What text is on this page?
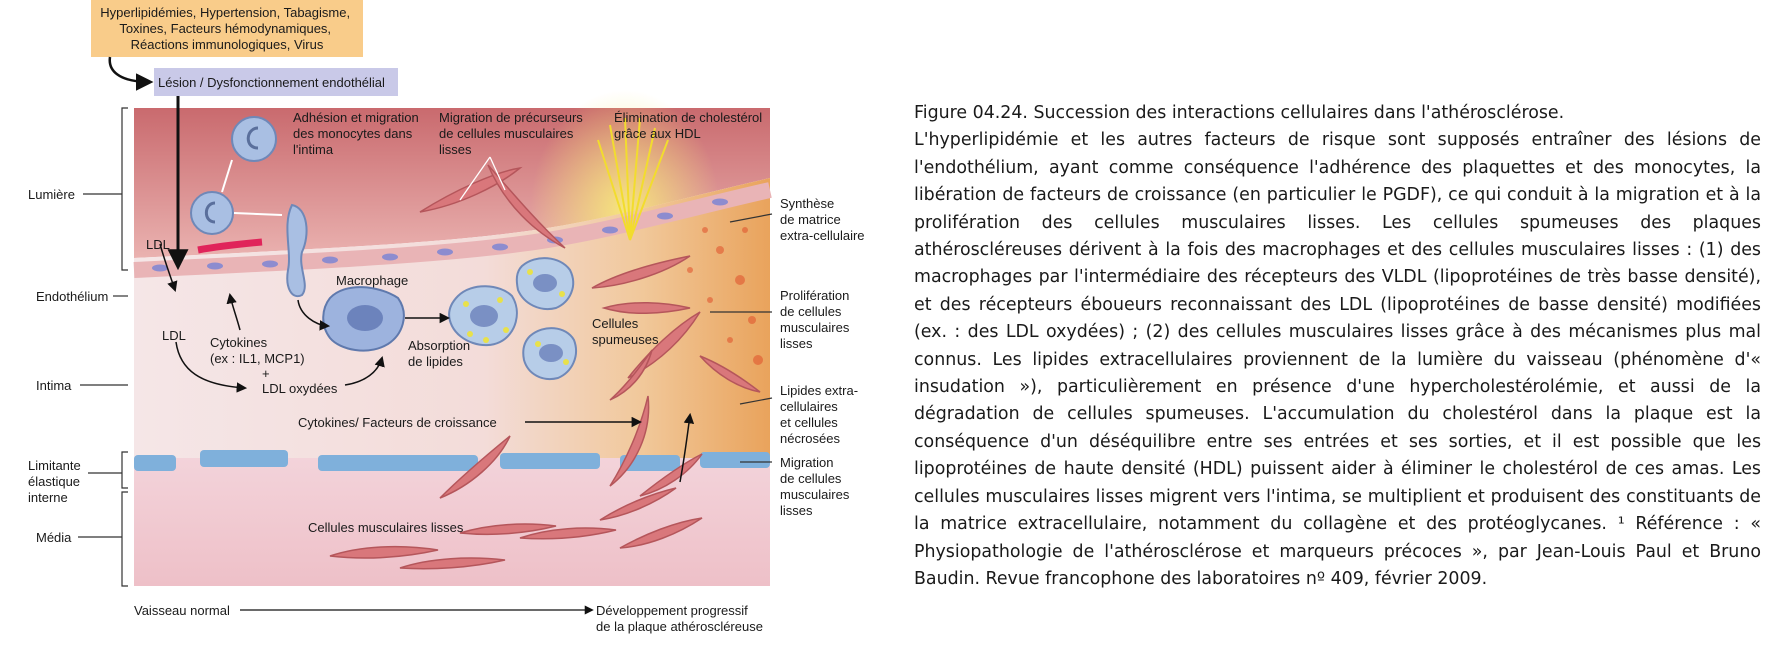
Hyperlipidémies, Hypertension, Tabagisme, Toxines, Facteurs hémodynamiques, Réactions immunologiques, Virus
Lésion / Dysfonctionnement endothélial
Lumière
Endothélium
Intima
Limitante élastique interne
Média
Adhésion et migration des monocytes dans l'intima
Migration de précurseurs de cellules musculaires lisses
Élimination de cholestérol grâce aux HDL
LDL
LDL
Macrophage
Cytokines (ex : IL1, MCP1) +
LDL oxydées
Absorption de lipides
Cellules spumeuses
Cytokines/ Facteurs de croissance
Cellules musculaires lisses
Synthèse de matrice extra-cellulaire
Prolifération de cellules musculaires lisses
Lipides extra- cellulaires et cellules nécrosées
Migration de cellules musculaires lisses
Vaisseau normal	Développement progressif de la plaque athéroscléreuse
Figure 04.24. Succession des interactions cellulaires dans l'athérosclérose.
L'hyperlipidémie et les autres facteurs de risque sont supposés entraîner des lésions de l'endothélium, ayant comme conséquence l'adhérence des plaquettes et des monocytes, la libération de facteurs de croissance (en particulier le PGDF), ce qui conduit à la migration et à la prolifération des cellules musculaires lisses. Les cellules spumeuses des plaques athéroscléreuses dérivent à la fois des macrophages et des cellules musculaires lisses : (1) des macrophages par l'intermédiaire des récepteurs des VLDL (lipoprotéines de très basse densité), et des récepteurs éboueurs reconnaissant des LDL (lipoprotéines de basse densité) modifiées (ex. : des LDL oxydées) ; (2) des cellules musculaires lisses grâce à des mécanismes plus mal connus. Les lipides extracellulaires proviennent de la lumière du vaisseau (phénomène d'« insudation »), particulièrement en présence d'une hypercholestérolémie, et aussi de la dégradation de cellules spumeuses. L'accumulation du cholestérol dans la plaque est la conséquence d'un déséquilibre entre ses entrées et ses sorties, et il est possible que les lipoprotéines de haute densité (HDL) puissent aider à éliminer le cholestérol de ces amas. Les cellules musculaires lisses migrent vers l'intima, se multiplient et produisent des constituants de la matrice extracellulaire, notamment du collagène et des protéoglycanes. ¹ Référence : « Physiopathologie de l'athérosclérose et marqueurs précoces », par Jean-Louis Paul et Bruno Baudin. Revue francophone des laboratoires nº 409, février 2009.
